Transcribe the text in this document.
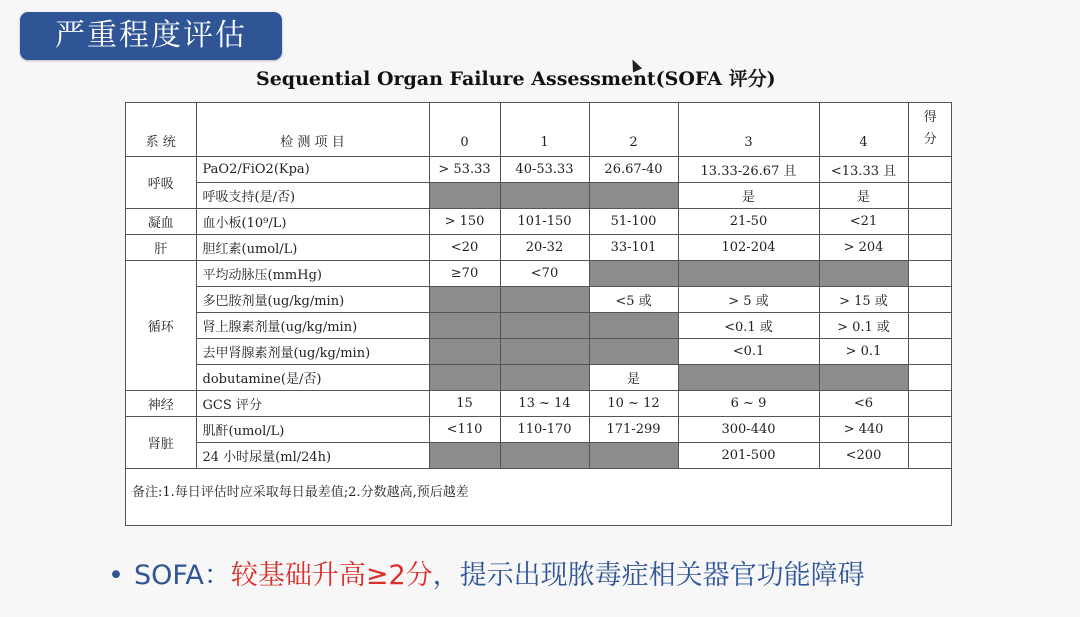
严重程度评估
Sequential Organ Failure Assessment(SOFA 评分)
系 统	检 测 项 目	0	1	2	3	4	得
分
呼吸	PaO2/FiO2(Kpa)	> 53.33	40-53.33	26.67-40	13.33-26.67 且	<13.33 且	
	呼吸支持(是/否)				是	是	
凝血	血小板(10⁹/L)	> 150	101-150	51-100	21-50	<21	
肝	胆红素(umol/L)	<20	20-32	33-101	102-204	> 204	
循环	平均动脉压(mmHg)	≥70	<70				
	多巴胺剂量(ug/kg/min)			<5 或	> 5 或	> 15 或	
	肾上腺素剂量(ug/kg/min)				<0.1 或	> 0.1 或	
	去甲肾腺素剂量(ug/kg/min)				<0.1	> 0.1	
	dobutamine(是/否)			是			
神经	GCS 评分	15	13 ~ 14	10 ~ 12	6 ~ 9	<6	
肾脏	肌酐(umol/L)	<110	110-170	171-299	300-440	> 440	
	24 小时尿量(ml/24h)				201-500	<200	
备注:1.每日评估时应采取每日最差值;2.分数越高,预后越差
• SOFA：较基础升高≥2分，提示出现脓毒症相关器官功能障碍
